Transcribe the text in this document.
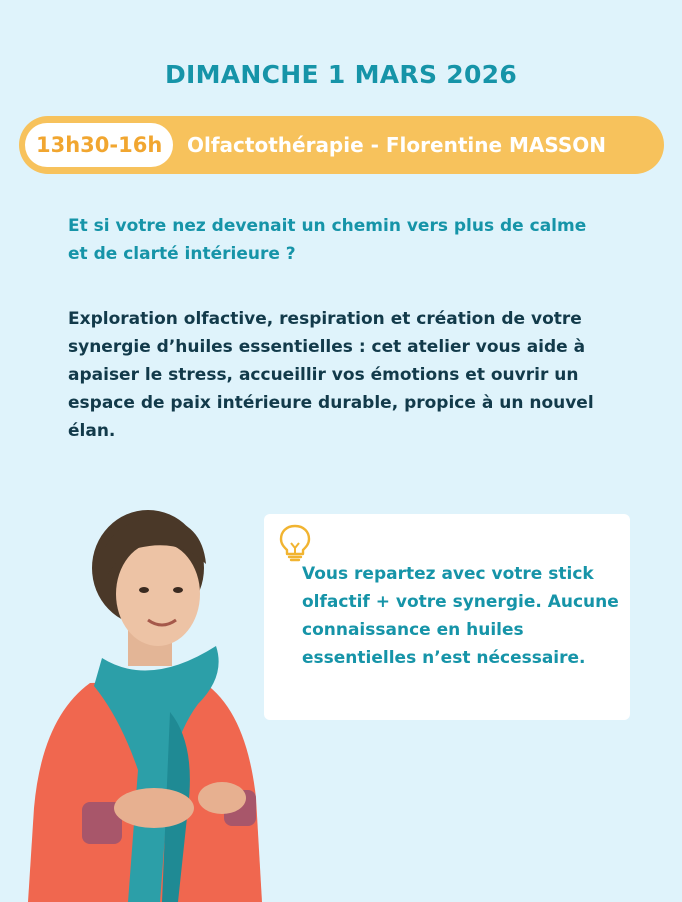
DIMANCHE 1 MARS 2026
13h30-16h	Olfactothérapie - Florentine MASSON

Et si votre nez devenait un chemin vers plus de calme et de clarté intérieure ?

Exploration olfactive, respiration et création de votre synergie d’huiles essentielles : cet atelier vous aide à apaiser le stress, accueillir vos émotions et ouvrir un espace de paix intérieure durable, propice à un nouvel élan.

Vous repartez avec votre stick olfactif + votre synergie. Aucune connaissance en huiles essentielles n’est nécessaire.
